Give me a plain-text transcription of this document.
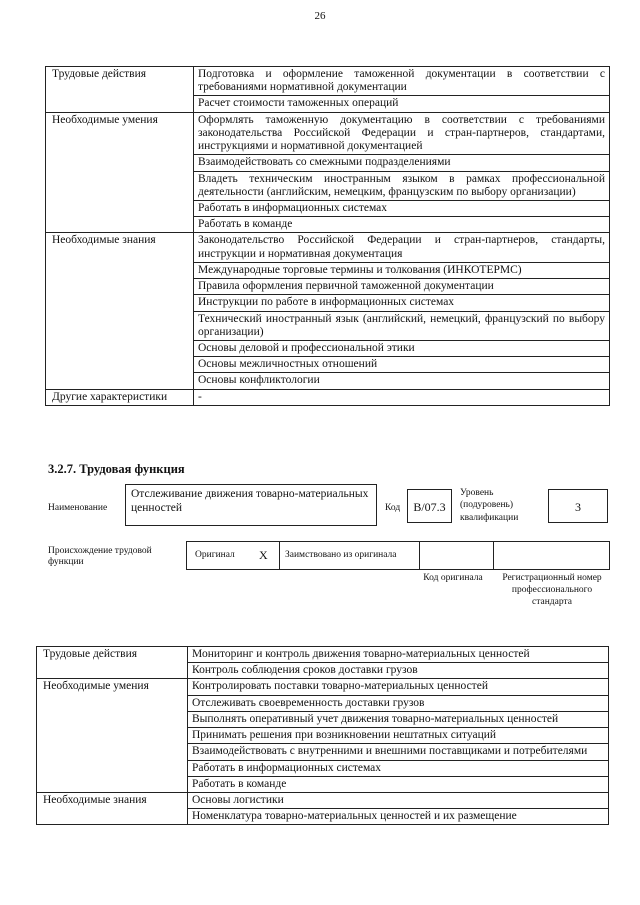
26
Трудовые действия	Подготовка и оформление таможенной документации в соответствии с требованиями нормативной документации
	Расчет стоимости таможенных операций
Необходимые умения	Оформлять таможенную документацию в соответствии с требованиями законодательства Российской Федерации и стран-партнеров, стандартами, инструкциями и нормативной документацией
	Взаимодействовать со смежными подразделениями
	Владеть техническим иностранным языком в рамках профессиональной деятельности (английским, немецким, французским по выбору организации)
	Работать в информационных системах
	Работать в команде
Необходимые знания	Законодательство Российской Федерации и стран-партнеров, стандарты, инструкции и нормативная документация
	Международные торговые термины и толкования (ИНКОТЕРМС)
	Правила оформления первичной таможенной документации
	Инструкции по работе в информационных системах
	Технический иностранный язык (английский, немецкий, французский по выбору организации)
	Основы деловой и профессиональной этики
	Основы межличностных отношений
	Основы конфликтологии
Другие характеристики	-
3.2.7. Трудовая функция
Наименование
Отслеживание движения товарно-материальных ценностей	Код	B/07.3
Уровень (подуровень) квалификации
3
Происхождение трудовой функции
Оригинал X Заимствовано из оригинала
Код оригинала	Регистрационный номер профессионального стандарта
Трудовые действия	Мониторинг и контроль движения товарно-материальных ценностей
	Контроль соблюдения сроков доставки грузов
Необходимые умения	Контролировать поставки товарно-материальных ценностей
	Отслеживать своевременность доставки грузов
	Выполнять оперативный учет движения товарно-материальных ценностей
	Принимать решения при возникновении нештатных ситуаций
	Взаимодействовать с внутренними и внешними поставщиками и потребителями
	Работать в информационных системах
	Работать в команде
Необходимые знания	Основы логистики
	Номенклатура товарно-материальных ценностей и их размещение
